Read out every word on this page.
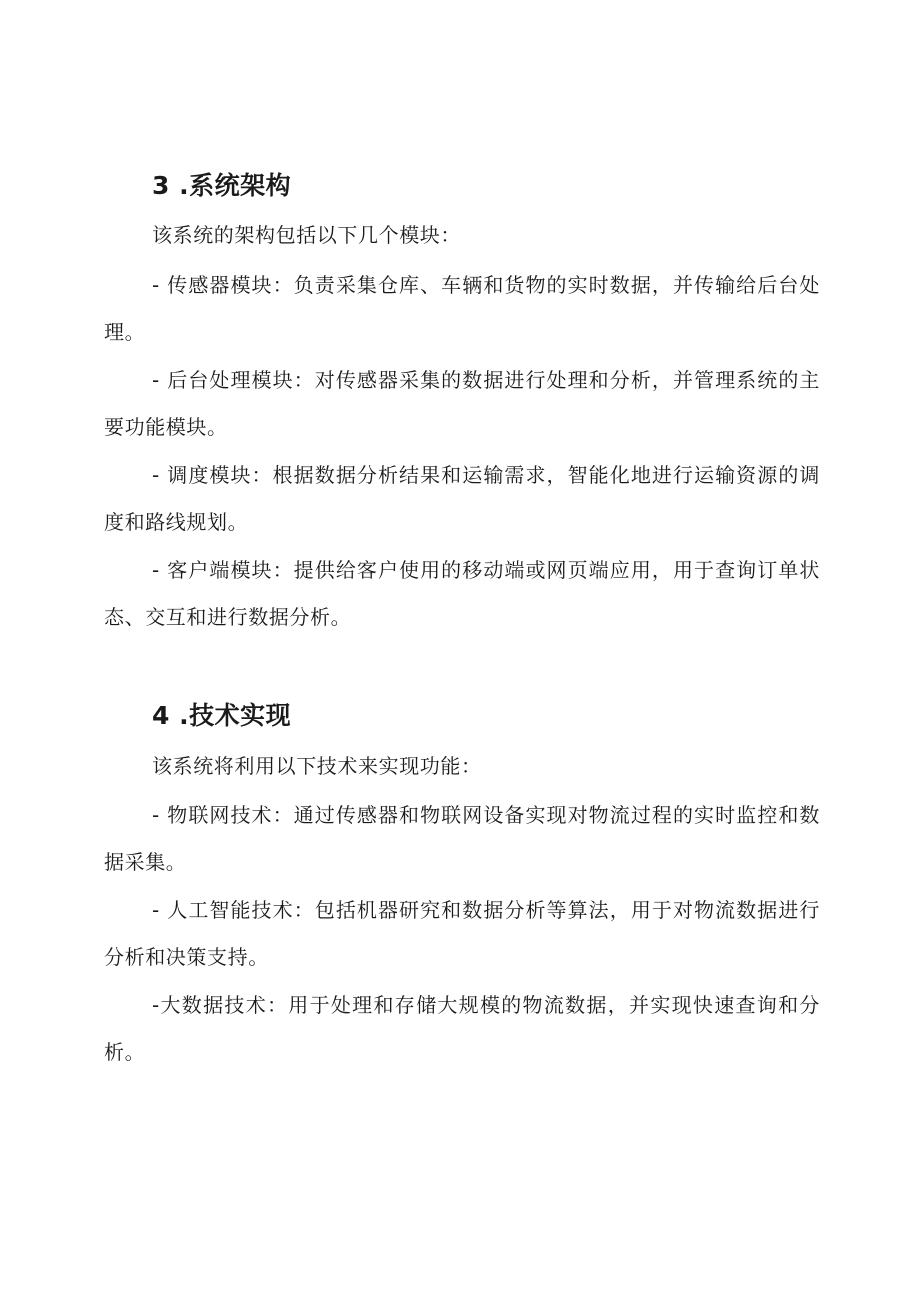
3 .系统架构

该系统的架构包括以下几个模块：

- 传感器模块：负责采集仓库、车辆和货物的实时数据，并传输给后台处理。

- 后台处理模块：对传感器采集的数据进行处理和分析，并管理系统的主要功能模块。

- 调度模块：根据数据分析结果和运输需求，智能化地进行运输资源的调度和路线规划。

- 客户端模块：提供给客户使用的移动端或网页端应用，用于查询订单状态、交互和进行数据分析。

4 .技术实现

该系统将利用以下技术来实现功能：

- 物联网技术：通过传感器和物联网设备实现对物流过程的实时监控和数据采集。

- 人工智能技术：包括机器研究和数据分析等算法，用于对物流数据进行分析和决策支持。

-大数据技术：用于处理和存储大规模的物流数据，并实现快速查询和分析。
